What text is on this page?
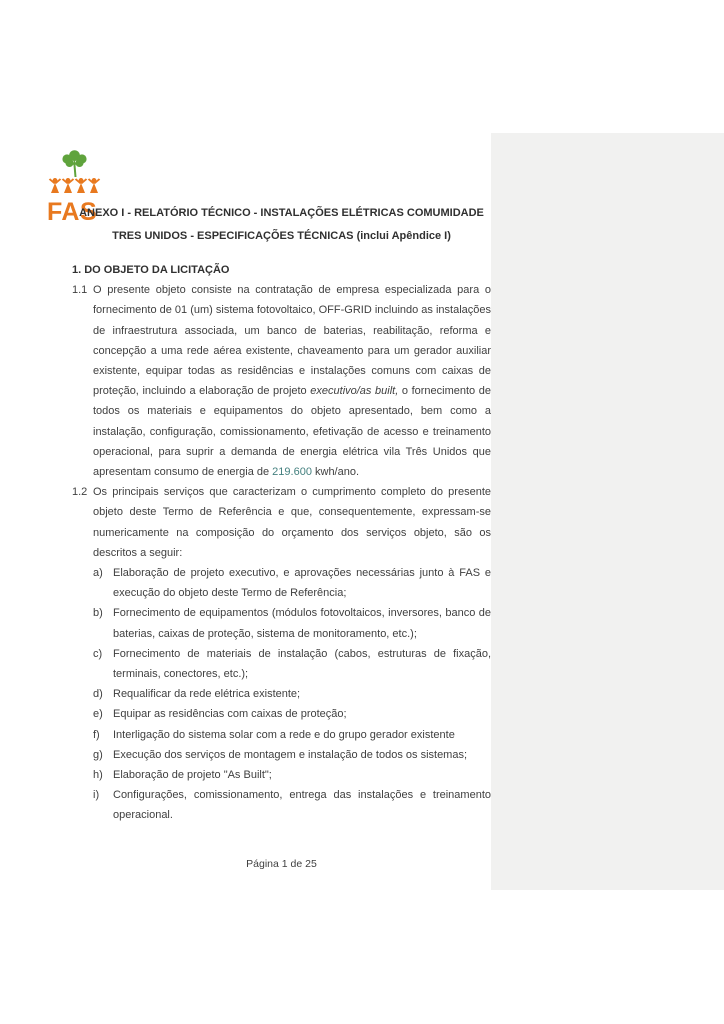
FAS
ANEXO I - RELATÓRIO TÉCNICO - INSTALAÇÕES ELÉTRICAS COMUMIDADE TRES UNIDOS - ESPECIFICAÇÕES TÉCNICAS (inclui Apêndice I)
1. DO OBJETO DA LICITAÇÃO

1.1 O presente objeto consiste na contratação de empresa especializada para o fornecimento de 01 (um) sistema fotovoltaico, OFF-GRID incluindo as instalações de infraestrutura associada, um banco de baterias, reabilitação, reforma e concepção a uma rede aérea existente, chaveamento para um gerador auxiliar existente, equipar todas as residências e instalações comuns com caixas de proteção, incluindo a elaboração de projeto executivo/as built, o fornecimento de todos os materiais e equipamentos do objeto apresentado, bem como a instalação, configuração, comissionamento, efetivação de acesso e treinamento operacional, para suprir a demanda de energia elétrica vila Três Unidos que apresentam consumo de energia de 219.600 kwh/ano.

1.2 Os principais serviços que caracterizam o cumprimento completo do presente objeto deste Termo de Referência e que, consequentemente, expressam-se numericamente na composição do orçamento dos serviços objeto, são os descritos a seguir:

a) Elaboração de projeto executivo, e aprovações necessárias junto à FAS e execução do objeto deste Termo de Referência;
b) Fornecimento de equipamentos (módulos fotovoltaicos, inversores, banco de baterias, caixas de proteção, sistema de monitoramento, etc.);
c) Fornecimento de materiais de instalação (cabos, estruturas de fixação, terminais, conectores, etc.);
d) Requalificar da rede elétrica existente;
e) Equipar as residências com caixas de proteção;
f) Interligação do sistema solar com a rede e do grupo gerador existente
g) Execução dos serviços de montagem e instalação de todos os sistemas;
h) Elaboração de projeto "As Built";
i) Configurações, comissionamento, entrega das instalações e treinamento operacional.
Página 1 de 25
